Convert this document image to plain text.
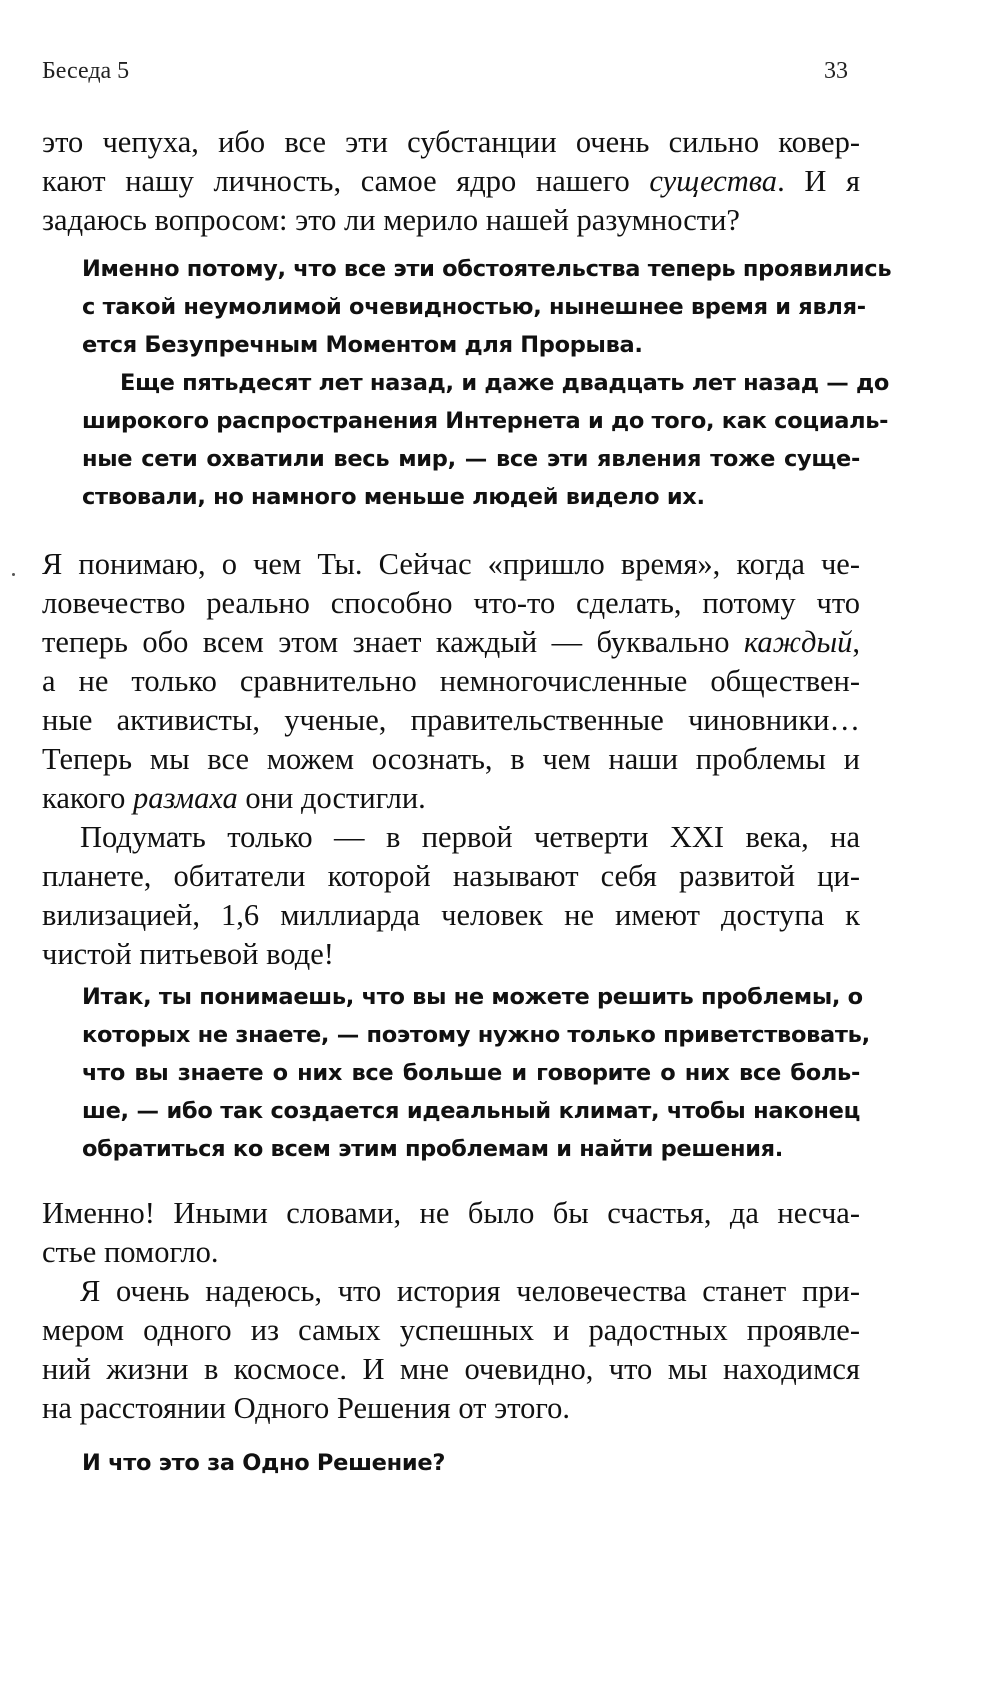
Беседа 5	33
это чепуха, ибо все эти субстанции очень сильно ковер-
кают нашу личность, самое ядро нашего существа. И я
задаюсь вопросом: это ли мерило нашей разумности?
Именно потому, что все эти обстоятельства теперь проявились
с такой неумолимой очевидностью, нынешнее время и явля-
ется Безупречным Моментом для Прорыва.
Еще пятьдесят лет назад, и даже двадцать лет назад — до
широкого распространения Интернета и до того, как социаль-
ные сети охватили весь мир, — все эти явления тоже суще-
ствовали, но намного меньше людей видело их.
Я понимаю, о чем Ты. Сейчас «пришло время», когда че-
ловечество реально способно что-то сделать, потому что
теперь обо всем этом знает каждый — буквально каждый,
а не только сравнительно немногочисленные обществен-
ные активисты, ученые, правительственные чиновники…
Теперь мы все можем осознать, в чем наши проблемы и
какого размаха они достигли.
Подумать только — в первой четверти XXI века, на
планете, обитатели которой называют себя развитой ци-
вилизацией, 1,6 миллиарда человек не имеют доступа к
чистой питьевой воде!
Итак, ты понимаешь, что вы не можете решить проблемы, о
которых не знаете, — поэтому нужно только приветствовать,
что вы знаете о них все больше и говорите о них все боль-
ше, — ибо так создается идеальный климат, чтобы наконец
обратиться ко всем этим проблемам и найти решения.
Именно! Иными словами, не было бы счастья, да несча-
стье помогло.
Я очень надеюсь, что история человечества станет при-
мером одного из самых успешных и радостных проявле-
ний жизни в космосе. И мне очевидно, что мы находимся
на расстоянии Одного Решения от этого.
И что это за Одно Решение?
